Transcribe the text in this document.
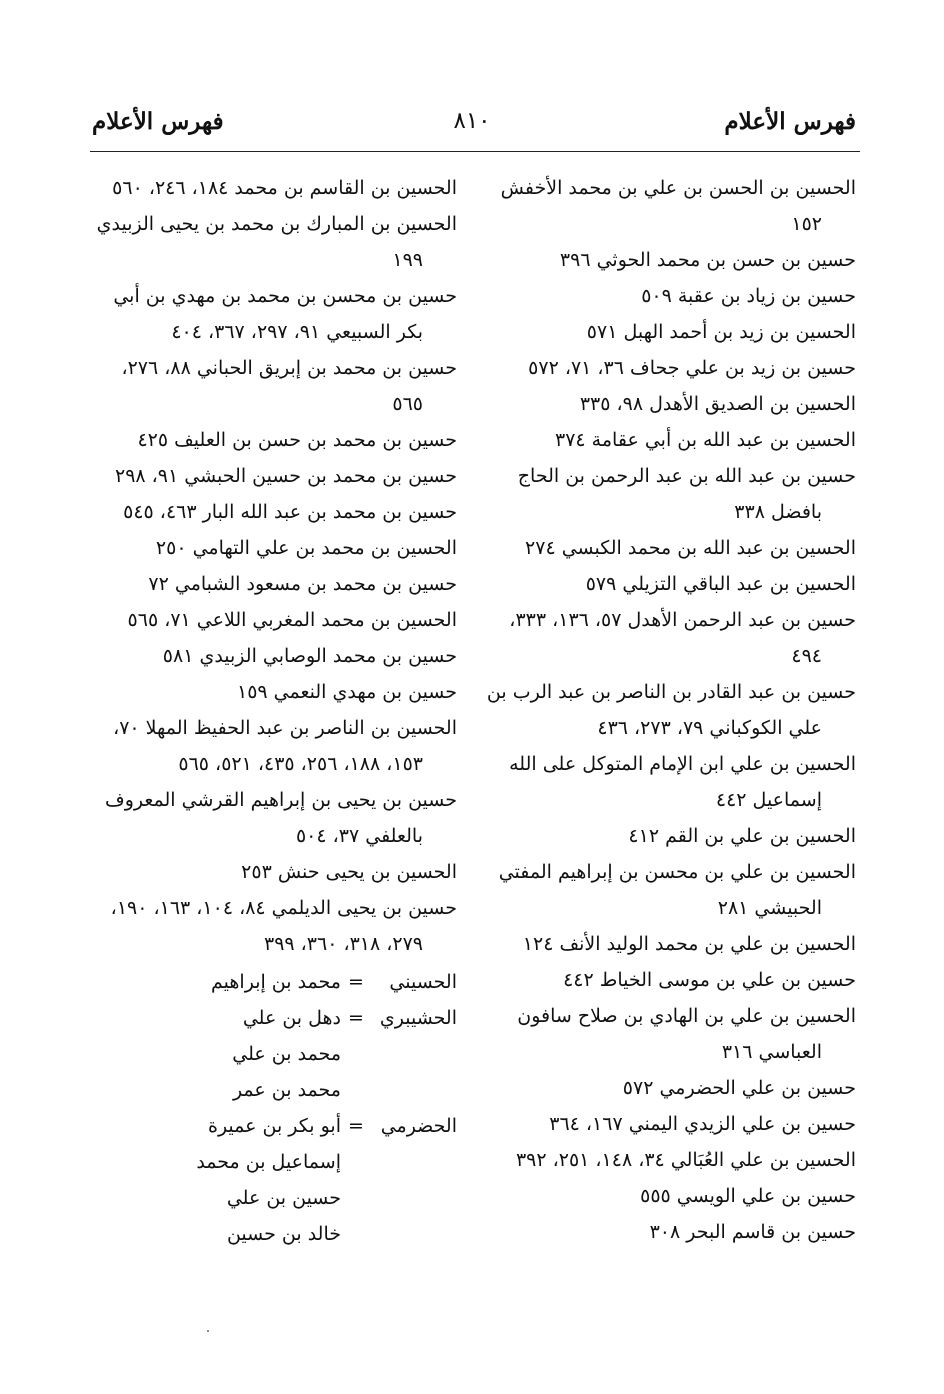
فهرس الأعلام
٨١٠
فهرس الأعلام
الحسين بن الحسن بن علي بن محمد الأخفش ١٥٢
حسين بن حسن بن محمد الحوثي ٣٩٦
حسين بن زياد بن عقبة ٥٠٩
الحسين بن زيد بن أحمد الهبل ٥٧١
حسين بن زيد بن علي جحاف ٣٦، ٧١، ٥٧٢
الحسين بن الصديق الأهدل ٩٨، ٣٣٥
الحسين بن عبد الله بن أبي عقامة ٣٧٤
حسين بن عبد الله بن عبد الرحمن بن الحاج بافضل ٣٣٨
الحسين بن عبد الله بن محمد الكبسي ٢٧٤
الحسين بن عبد الباقي التزيلي ٥٧٩
حسين بن عبد الرحمن الأهدل ٥٧، ١٣٦، ٣٣٣، ٤٩٤
حسين بن عبد القادر بن الناصر بن عبد الرب بن علي الكوكباني ٧٩، ٢٧٣، ٤٣٦
الحسين بن علي ابن الإمام المتوكل على الله إسماعيل ٤٤٢
الحسين بن علي بن القم ٤١٢
الحسين بن علي بن محسن بن إبراهيم المفتي الحبيشي ٢٨١
الحسين بن علي بن محمد الوليد الأنف ١٢٤
حسين بن علي بن موسى الخياط ٤٤٢
الحسين بن علي بن الهادي بن صلاح سافون العباسي ٣١٦
حسين بن علي الحضرمي ٥٧٢
حسين بن علي الزيدي اليمني ١٦٧، ٣٦٤
الحسين بن علي العُبَالي ٣٤، ١٤٨، ٢٥١، ٣٩٢
حسين بن علي الويسي ٥٥٥
حسين بن قاسم البحر ٣٠٨
الحسين بن القاسم بن محمد ١٨٤، ٢٤٦، ٥٦٠
الحسين بن المبارك بن محمد بن يحيى الزبيدي ١٩٩
حسين بن محسن بن محمد بن مهدي بن أبي بكر السبيعي ٩١، ٢٩٧، ٣٦٧، ٤٠٤
حسين بن محمد بن إبريق الحباني ٨٨، ٢٧٦، ٥٦٥
حسين بن محمد بن حسن بن العليف ٤٢٥
حسين بن محمد بن حسين الحبشي ٩١، ٢٩٨
حسين بن محمد بن عبد الله البار ٤٦٣، ٥٤٥
الحسين بن محمد بن علي التهامي ٢٥٠
حسين بن محمد بن مسعود الشبامي ٧٢
الحسين بن محمد المغربي اللاعي ٧١، ٥٦٥
حسين بن محمد الوصابي الزبيدي ٥٨١
حسين بن مهدي النعمي ١٥٩
الحسين بن الناصر بن عبد الحفيظ المهلا ٧٠، ١٥٣، ١٨٨، ٢٥٦، ٤٣٥، ٥٢١، ٥٦٥
حسين بن يحيى بن إبراهيم القرشي المعروف بالعلفي ٣٧، ٥٠٤
الحسين بن يحيى حنش ٢٥٣
حسين بن يحيى الديلمي ٨٤، ١٠٤، ١٦٣، ١٩٠، ٢٧٩، ٣١٨، ٣٦٠، ٣٩٩
الحسيني
=
محمد بن إبراهيم
الحشيبري
=
دهل بن علي
محمد بن علي
محمد بن عمر
الحضرمي
=
أبو بكر بن عميرة
إسماعيل بن محمد
حسين بن علي
خالد بن حسين
